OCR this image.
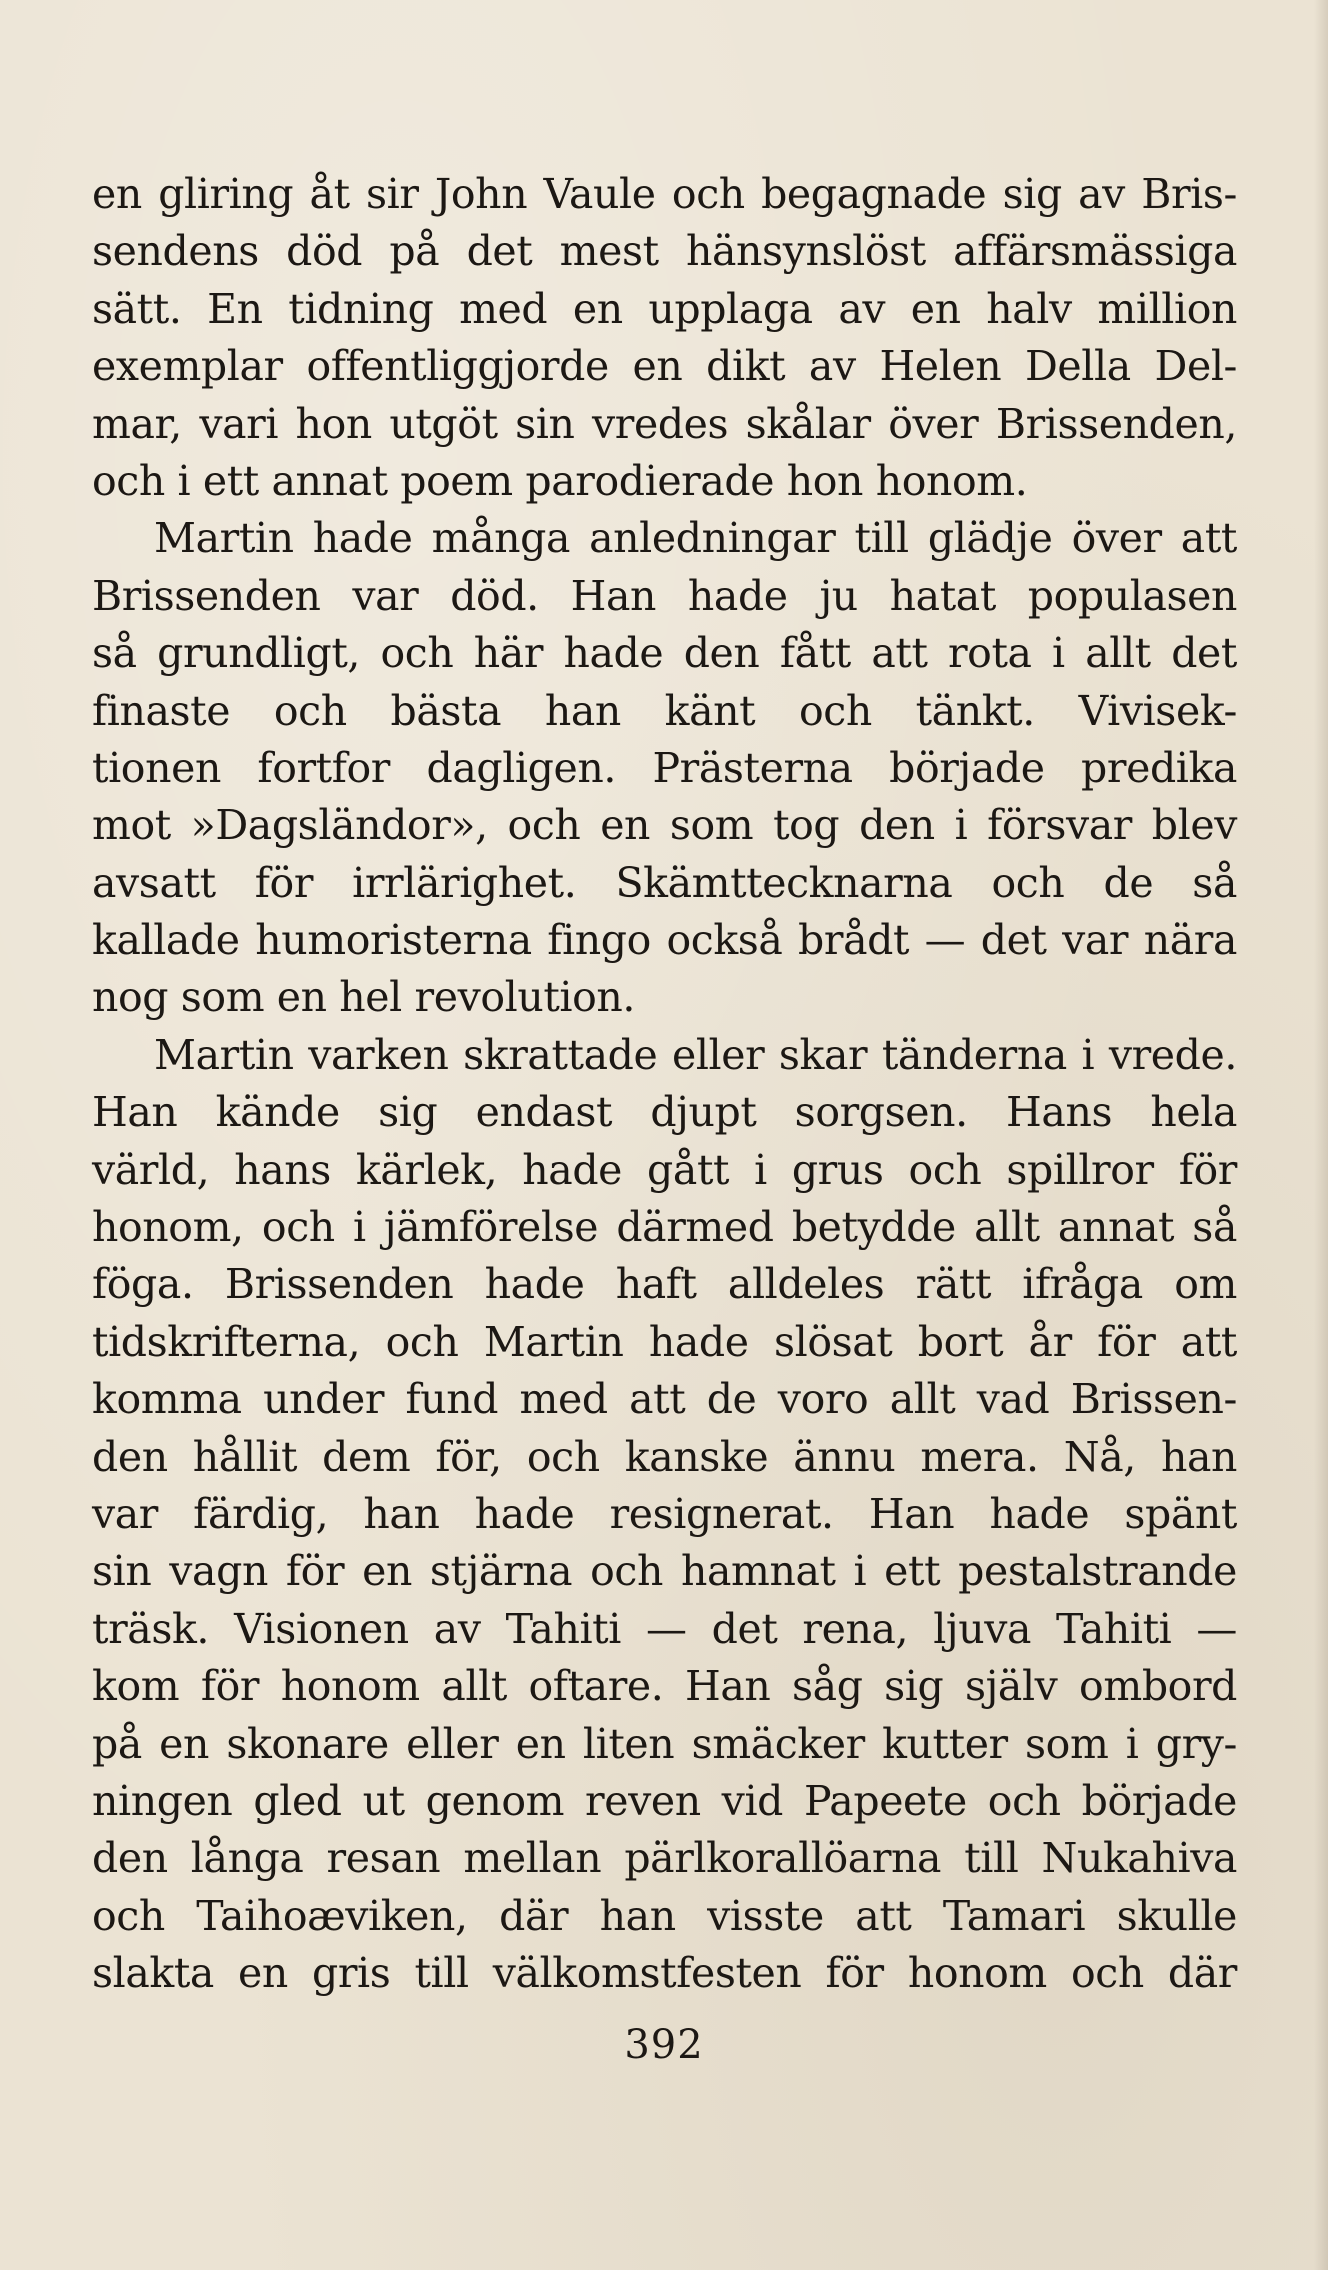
en gliring åt sir John Vaule och begagnade sig av Bris-
sendens död på det mest hänsynslöst affärsmässiga
sätt. En tidning med en upplaga av en halv million
exemplar offentliggjorde en dikt av Helen Della Del-
mar, vari hon utgöt sin vredes skålar över Brissenden,
och i ett annat poem parodierade hon honom.
Martin hade många anledningar till glädje över att
Brissenden var död. Han hade ju hatat populasen
så grundligt, och här hade den fått att rota i allt det
finaste och bästa han känt och tänkt. Vivisek-
tionen fortfor dagligen. Prästerna började predika
mot »Dagsländor», och en som tog den i försvar blev
avsatt för irrlärighet. Skämttecknarna och de så
kallade humoristerna fingo också brådt — det var nära
nog som en hel revolution.
Martin varken skrattade eller skar tänderna i vrede.
Han kände sig endast djupt sorgsen. Hans hela
värld, hans kärlek, hade gått i grus och spillror för
honom, och i jämförelse därmed betydde allt annat så
föga. Brissenden hade haft alldeles rätt ifråga om
tidskrifterna, och Martin hade slösat bort år för att
komma under fund med att de voro allt vad Brissen-
den hållit dem för, och kanske ännu mera. Nå, han
var färdig, han hade resignerat. Han hade spänt
sin vagn för en stjärna och hamnat i ett pestalstrande
träsk. Visionen av Tahiti — det rena, ljuva Tahiti —
kom för honom allt oftare. Han såg sig själv ombord
på en skonare eller en liten smäcker kutter som i gry-
ningen gled ut genom reven vid Papeete och började
den långa resan mellan pärlkorallöarna till Nukahiva
och Taihoæviken, där han visste att Tamari skulle
slakta en gris till välkomstfesten för honom och där
392
